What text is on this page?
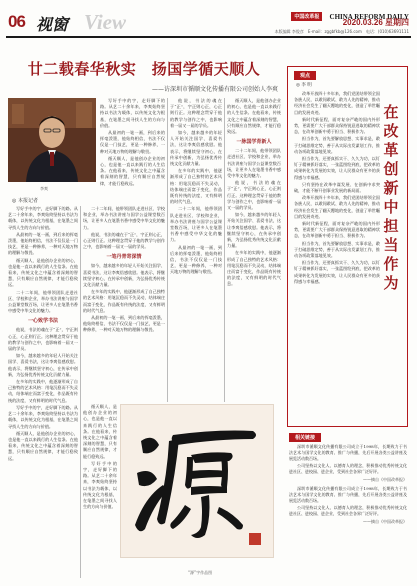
06 视窗 View	中国改革报 CHINA REFORM DAILY
2020.03.26 星期四
本版编辑 李俊彦　E-mail：zggbfkb@126.com　电话：(010)63691111
廿二载春华秋实　扬国学循天顺人
——访深圳市循顺文化传播有限公司创始人李爽
李爽
◎ 本报记者

写好手中的字，走好脚下的路。从艺二十余年来，李爽始终坚持以书法为载体，以传统文化为根基，在笔墨之间寻找人生的方向与价值。

从最初的一笔一画，到后来的挥毫泼墨，他始终相信，书法不仅仅是一门技艺，更是一种修养，一种对天地万物的理解与敬畏。

循天顺人，是他创办企业的初心，也是他一直以来践行的人生信条。在他看来，传统文化之中蕴含着深刻的智慧，只有顺应自然规律，才能行稳致远。

二十二年间，他带领团队走进社区、学校和企业，举办书法讲座与国学公益课堂数百场，让更多人在笔墨书香中感受中华文化的魅力。

一心致学书法

他说，书法的魂在于“正”，字正则心正，心正则行正。这种理念贯穿于他的教学与创作之中，也影响着一届又一届的学员。

如今，越来越多的年轻人开始关注国学、喜爱书法，这让李爽倍感欣慰。他表示，将继续坚守初心，在传承中创新，为弘扬优秀传统文化贡献力量。

在多年的实践中，他逐渐形成了自己独特的艺术风格：用笔沉稳而不失灵动，结体端庄而富于变化，作品既有传统的法度，又有鲜明的时代气息。

写好手中的字，走好脚下的路。从艺二十余年来，李爽始终坚持以书法为载体，以传统文化为根基，在笔墨之间寻找人生的方向与价值。

循天顺人，是他创办企业的初心，也是他一直以来践行的人生信条。在他看来，传统文化之中蕴含着深刻的智慧，只有顺应自然规律，才能行稳致远。

二十二年间，他带领团队走进社区、学校和企业，举办书法讲座与国学公益课堂数百场，让更多人在笔墨书香中感受中华文化的魅力。

他说，书法的魂在于“正”，字正则心正，心正则行正。这种理念贯穿于他的教学与创作之中，也影响着一届又一届的学员。

一笔丹青寄深情

如今，越来越多的年轻人开始关注国学、喜爱书法，这让李爽倍感欣慰。他表示，将继续坚守初心，在传承中创新，为弘扬优秀传统文化贡献力量。

在多年的实践中，他逐渐形成了自己独特的艺术风格：用笔沉稳而不失灵动，结体端庄而富于变化，作品既有传统的法度，又有鲜明的时代气息。

从最初的一笔一画，到后来的挥毫泼墨，他始终相信，书法不仅仅是一门技艺，更是一种修养，一种对天地万物的理解与敬畏。

循天顺人，是他创办企业的初心，也是他一直以来践行的人生信条。在他看来，传统文化之中蕴含着深刻的智慧，只有顺应自然规律，才能行稳致远。

写好手中的字，走好脚下的路。从艺二十余年来，李爽始终坚持以书法为载体，以传统文化为根基，在笔墨之间寻找人生的方向与价值。

写好手中的字，走好脚下的路。从艺二十余年来，李爽始终坚持以书法为载体，以传统文化为根基，在笔墨之间寻找人生的方向与价值。

从最初的一笔一画，到后来的挥毫泼墨，他始终相信，书法不仅仅是一门技艺，更是一种修养，一种对天地万物的理解与敬畏。

循天顺人，是他创办企业的初心，也是他一直以来践行的人生信条。在他看来，传统文化之中蕴含着深刻的智慧，只有顺应自然规律，才能行稳致远。

他说，书法的魂在于“正”，字正则心正，心正则行正。这种理念贯穿于他的教学与创作之中，也影响着一届又一届的学员。

如今，越来越多的年轻人开始关注国学、喜爱书法，这让李爽倍感欣慰。他表示，将继续坚守初心，在传承中创新，为弘扬优秀传统文化贡献力量。

在多年的实践中，他逐渐形成了自己独特的艺术风格：用笔沉稳而不失灵动，结体端庄而富于变化，作品既有传统的法度，又有鲜明的时代气息。

二十二年间，他带领团队走进社区、学校和企业，举办书法讲座与国学公益课堂数百场，让更多人在笔墨书香中感受中华文化的魅力。

从最初的一笔一画，到后来的挥毫泼墨，他始终相信，书法不仅仅是一门技艺，更是一种修养，一种对天地万物的理解与敬畏。

循天顺人，是他创办企业的初心，也是他一直以来践行的人生信条。在他看来，传统文化之中蕴含着深刻的智慧，只有顺应自然规律，才能行稳致远。

一脉国学育新人

二十二年间，他带领团队走进社区、学校和企业，举办书法讲座与国学公益课堂数百场，让更多人在笔墨书香中感受中华文化的魅力。

他说，书法的魂在于“正”，字正则心正，心正则行正。这种理念贯穿于他的教学与创作之中，也影响着一届又一届的学员。

如今，越来越多的年轻人开始关注国学、喜爱书法，这让李爽倍感欣慰。他表示，将继续坚守初心，在传承中创新，为弘扬优秀传统文化贡献力量。

在多年的实践中，他逐渐形成了自己独特的艺术风格：用笔沉稳而不失灵动，结体端庄而富于变化，作品既有传统的法度，又有鲜明的时代气息。

“源”字作品图
观点
◎ 李 明

改革开放四十多年来，我们党团结带领全国各族人民，以敢闯敢试、敢为人先的精神，推动经济社会发生了翻天覆地的变化，创造了举世瞩目的发展奇迹。

新时代新征程，面对复杂严峻的国内外形势，更需要广大干部群众保持锐意进取的精神状态，在改革创新中勇于担当、积极作为。

担当作为，首先要解放思想、实事求是，敢于打破思维定势，善于从实际出发谋划工作，推动各项政策落地见效。

担当作为，还要真抓实干、久久为功，以钉钉子精神抓好落实，一张蓝图绘到底，把改革的成果转化为发展的实效，让人民群众有更多的获得感与幸福感。

只有坚持在改革中谋发展、在创新中求突破，才能不断开创事业发展的新局面。

改革开放四十多年来，我们党团结带领全国各族人民，以敢闯敢试、敢为人先的精神，推动经济社会发生了翻天覆地的变化，创造了举世瞩目的发展奇迹。

新时代新征程，面对复杂严峻的国内外形势，更需要广大干部群众保持锐意进取的精神状态，在改革创新中勇于担当、积极作为。

担当作为，首先要解放思想、实事求是，敢于打破思维定势，善于从实际出发谋划工作，推动各项政策落地见效。

担当作为，还要真抓实干、久久为功，以钉钉子精神抓好落实，一张蓝图绘到底，把改革的成果转化为发展的实效，让人民群众有更多的获得感与幸福感。

在
改
革
创
新
中
担
当
作
为
相关链接

深圳市循顺文化传播有限公司成立于1998年，长期致力于书法艺术与国学文化的教育、推广与传播，先后开展各类公益讲座及展览活动数百场。

公司坚持以文化人、以德育人的理念，积极推动优秀传统文化进社区、进校园、进企业，受到社会各界广泛好评。

——摘自《中国改革报》

深圳市循顺文化传播有限公司成立于1998年，长期致力于书法艺术与国学文化的教育、推广与传播，先后开展各类公益讲座及展览活动数百场。

公司坚持以文化人、以德育人的理念，积极推动优秀传统文化进社区、进校园、进企业，受到社会各界广泛好评。

——摘自《中国改革报》
